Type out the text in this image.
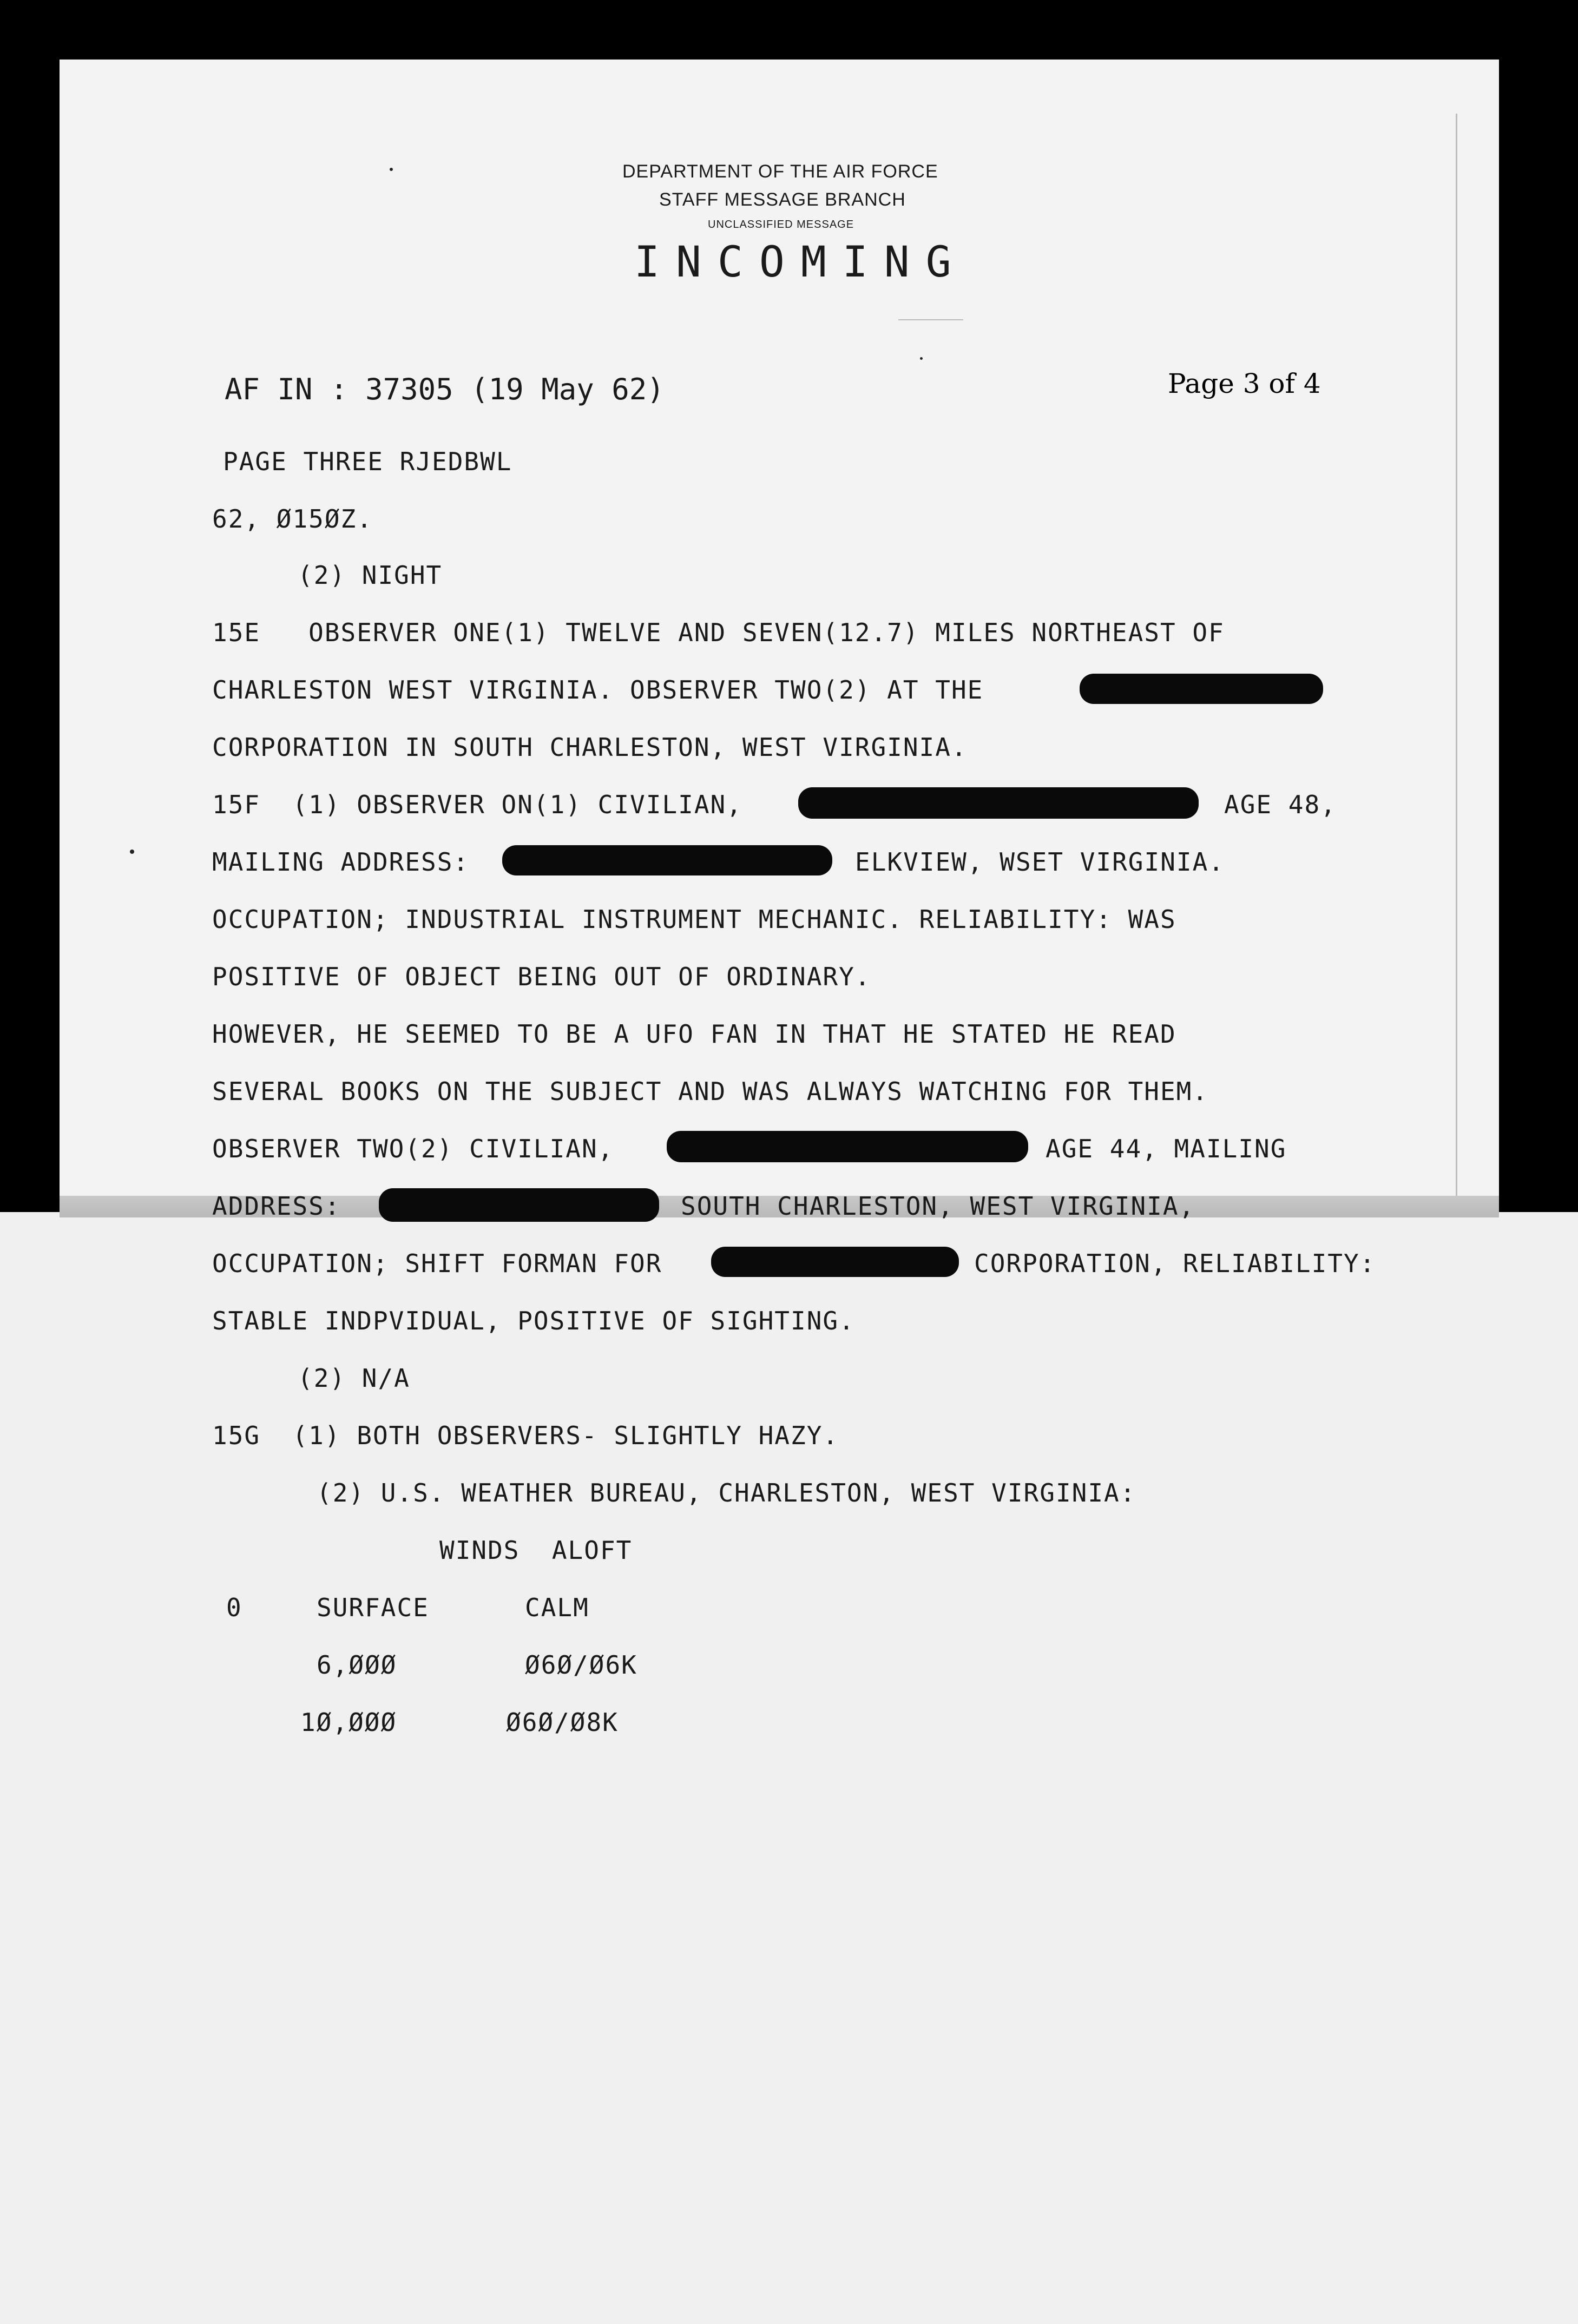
DEPARTMENT OF THE AIR FORCE
STAFF MESSAGE BRANCH
UNCLASSIFIED MESSAGE
INCOMING
AF IN : 37305 (19 May 62)	Page 3 of 4
PAGE THREE RJEDBWL
62, Ø15ØZ.
(2) NIGHT
15E   OBSERVER ONE(1) TWELVE AND SEVEN(12.7) MILES NORTHEAST OF
CHARLESTON WEST VIRGINIA. OBSERVER TWO(2) AT THE
CORPORATION IN SOUTH CHARLESTON, WEST VIRGINIA.
15F  (1) OBSERVER ON(1) CIVILIAN,	AGE 48,
MAILING ADDRESS:	ELKVIEW, WSET VIRGINIA.
OCCUPATION; INDUSTRIAL INSTRUMENT MECHANIC. RELIABILITY: WAS
POSITIVE OF OBJECT BEING OUT OF ORDINARY.
HOWEVER, HE SEEMED TO BE A UFO FAN IN THAT HE STATED HE READ
SEVERAL BOOKS ON THE SUBJECT AND WAS ALWAYS WATCHING FOR THEM.
OBSERVER TWO(2) CIVILIAN,	AGE 44, MAILING
ADDRESS:	SOUTH CHARLESTON, WEST VIRGINIA,
OCCUPATION; SHIFT FORMAN FOR	CORPORATION, RELIABILITY:
STABLE INDPVIDUAL, POSITIVE OF SIGHTING.
(2) N/A
15G  (1) BOTH OBSERVERS- SLIGHTLY HAZY.
(2) U.S. WEATHER BUREAU, CHARLESTON, WEST VIRGINIA:
WINDS  ALOFT
0	SURFACE	CALM
6,ØØØ	Ø6Ø/Ø6K
1Ø,ØØØ	Ø6Ø/Ø8K
